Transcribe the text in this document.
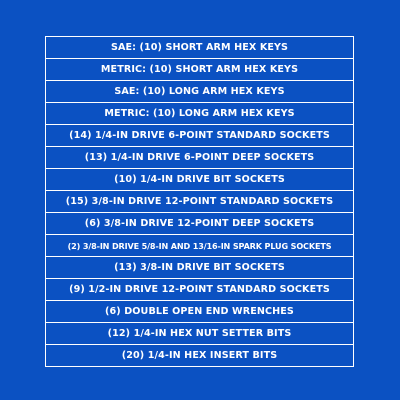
SAE: (10) SHORT ARM HEX KEYS
METRIC: (10) SHORT ARM HEX KEYS
SAE: (10) LONG ARM HEX KEYS
METRIC: (10) LONG ARM HEX KEYS
(14) 1/4-IN DRIVE 6-POINT STANDARD SOCKETS
(13) 1/4-IN DRIVE 6-POINT DEEP SOCKETS
(10) 1/4-IN DRIVE BIT SOCKETS
(15) 3/8-IN DRIVE 12-POINT STANDARD SOCKETS
(6) 3/8-IN DRIVE 12-POINT DEEP SOCKETS
(2) 3/8-IN DRIVE 5/8-IN AND 13/16-IN SPARK PLUG SOCKETS
(13) 3/8-IN DRIVE BIT SOCKETS
(9) 1/2-IN DRIVE 12-POINT STANDARD SOCKETS
(6) DOUBLE OPEN END WRENCHES
(12) 1/4-IN HEX NUT SETTER BITS
(20) 1/4-IN HEX INSERT BITS
